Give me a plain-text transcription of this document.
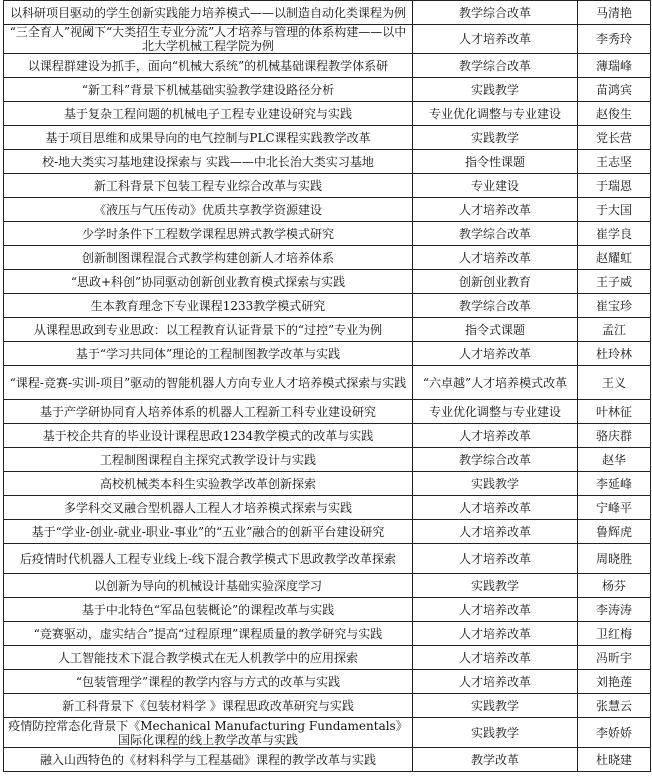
以科研项目驱动的学生创新实践能力培养模式——以制造自动化类课程为例	教学综合改革	马清艳
“三全育人”视阈下“大类招生专业分流”人才培养与管理的体系构建——以中北大学机械工程学院为例	人才培养改革	李秀玲
以课程群建设为抓手，面向“机械大系统”的机械基础课程教学体系研	教学综合改革	薄瑞峰
“新工科”背景下机械基础实验教学建设路径分析	实践教学	苗鸿宾
基于复杂工程问题的机械电子工程专业建设研究与实践	专业优化调整与专业建设	赵俊生
基于项目思维和成果导向的电气控制与PLC课程实践教学改革	实践教学	党长营
校-地大类实习基地建设探索与 实践——中北长治大类实习基地	指令性课题	王志坚
新工科背景下包装工程专业综合改革与实践	专业建设	于瑞恩
《液压与气压传动》优质共享教学资源建设	人才培养改革	于大国
少学时条件下工程数学课程思辨式教学模式研究	教学综合改革	崔学良
创新制图课程混合式教学构建创新人才培养体系	人才培养改革	赵耀虹
“思政+科创”协同驱动创新创业教育模式探索与实践	创新创业教育	王子威
生本教育理念下专业课程1233教学模式研究	教学综合改革	崔宝珍
从课程思政到专业思政：以工程教育认证背景下的“过控”专业为例	指令式课题	孟江
基于“学习共同体”理论的工程制图教学改革与实践	人才培养改革	杜玲林
“课程-竞赛-实训-项目”驱动的智能机器人方向专业人才培养模式探索与实践	“六卓越”人才培养模式改革	王义
基于产学研协同育人培养体系的机器人工程新工科专业建设研究	专业优化调整与专业建设	叶林征
基于校企共育的毕业设计课程思政1234教学模式的改革与实践	人才培养改革	骆庆群
工程制图课程自主探究式教学设计与实践	教学综合改革	赵华
高校机械类本科生实验教学改革创新探索	实践教学	李延峰
多学科交叉融合型机器人工程人才培养模式探索与实践	人才培养改革	宁峰平
基于“学业-创业-就业-职业-事业”的“五业”融合的创新平台建设研究	人才培养改革	鲁辉虎
后疫情时代机器人工程专业线上-线下混合教学模式下思政教学改革探索	人才培养改革	周晓胜
以创新为导向的机械设计基础实验深度学习	实践教学	杨芬
基于中北特色“军品包装概论”的课程改革与实践	人才培养改革	李涛涛
“竞赛驱动，虚实结合”提高“过程原理”课程质量的教学研究与实践	人才培养改革	卫红梅
人工智能技术下混合教学模式在无人机教学中的应用探索	人才培养改革	冯昕宇
“包装管理学”课程的教学内容与方式的改革与实践	人才培养改革	刘艳莲
新工科背景下《包装材料学 》课程思政改革研究与实践	实践教学	张慧云
疫情防控常态化背景下《Mechanical Manufacturing Fundamentals》国际化课程的线上教学改革与实践	实践教学	李娇娇
融入山西特色的《材料科学与工程基础》课程的教学改革与实践	教学改革	杜晓建
